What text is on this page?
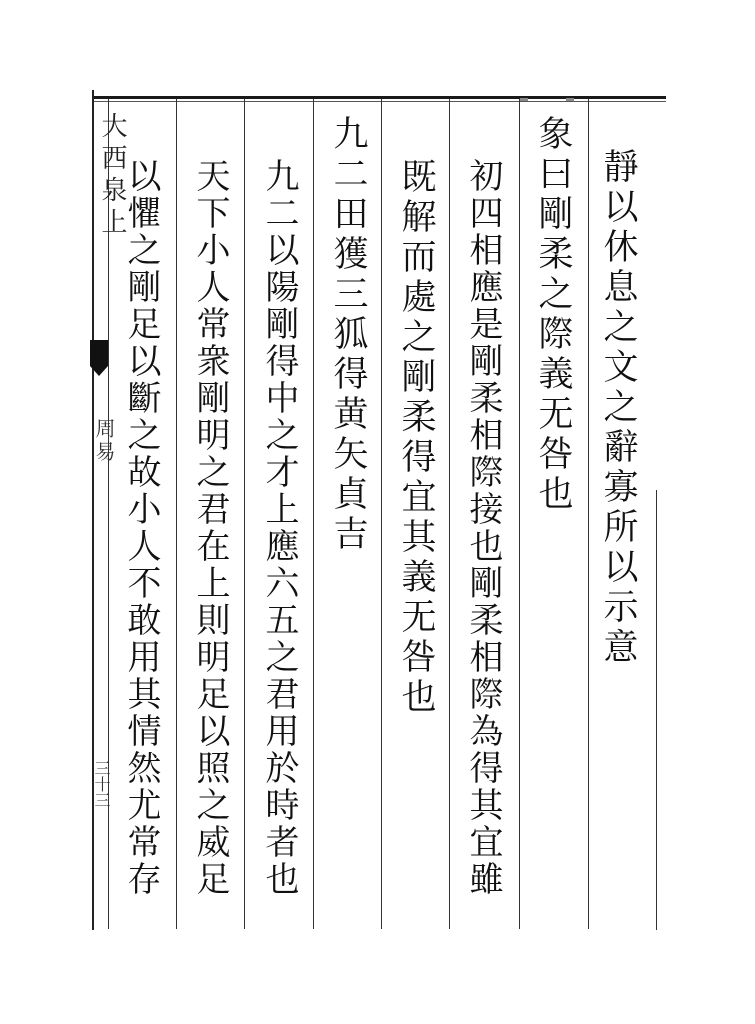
大西泉上
周易
三十三
靜以休息之文之辭寡所以示意
象曰剛柔之際義无咎也
初四相應是剛柔相際接也剛柔相際為得其宜雖
既解而處之剛柔得宜其義无咎也
九二田獲三狐得黄矢貞吉
九二以陽剛得中之才上應六五之君用於時者也
天下小人常衆剛明之君在上則明足以照之威足
以懼之剛足以斷之故小人不敢用其情然尤常存
